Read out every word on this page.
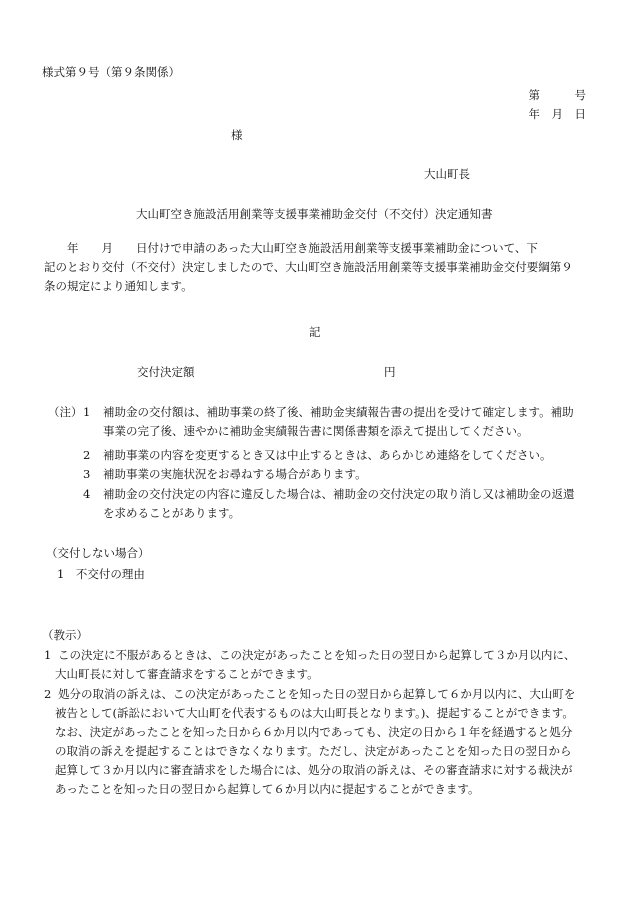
様式第９号（第９条関係）
第　　　号
年　月　日
様
大山町長
大山町空き施設活用創業等支援事業補助金交付（不交付）決定通知書
　　年　　月　　日付けで申請のあった大山町空き施設活用創業等支援事業補助金について、下
記のとおり交付（不交付）決定しましたので、大山町空き施設活用創業等支援事業補助金交付要綱第９
条の規定により通知します。
記
交付決定額	円
（注） 1 補助金の交付額は、補助事業の終了後、補助金実績報告書の提出を受けて確定します。補助
事業の完了後、速やかに補助金実績報告書に関係書類を添えて提出してください。
2 補助事業の内容を変更するとき又は中止するときは、あらかじめ連絡をしてください。
3 補助事業の実施状況をお尋ねする場合があります。
4 補助金の交付決定の内容に違反した場合は、補助金の交付決定の取り消し又は補助金の返還
を求めることがあります。
（交付しない場合）
1　不交付の理由
（教示）
1 この決定に不服があるときは、この決定があったことを知った日の翌日から起算して３か月以内に、
大山町長に対して審査請求をすることができます。
2 処分の取消の訴えは、この決定があったことを知った日の翌日から起算して６か月以内に、大山町を
被告として(訴訟において大山町を代表するものは大山町長となります。)、提起することができます。
なお、決定があったことを知った日から６か月以内であっても、決定の日から１年を経過すると処分
の取消の訴えを提起することはできなくなります。ただし、決定があったことを知った日の翌日から
起算して３か月以内に審査請求をした場合には、処分の取消の訴えは、その審査請求に対する裁決が
あったことを知った日の翌日から起算して６か月以内に提起することができます。
